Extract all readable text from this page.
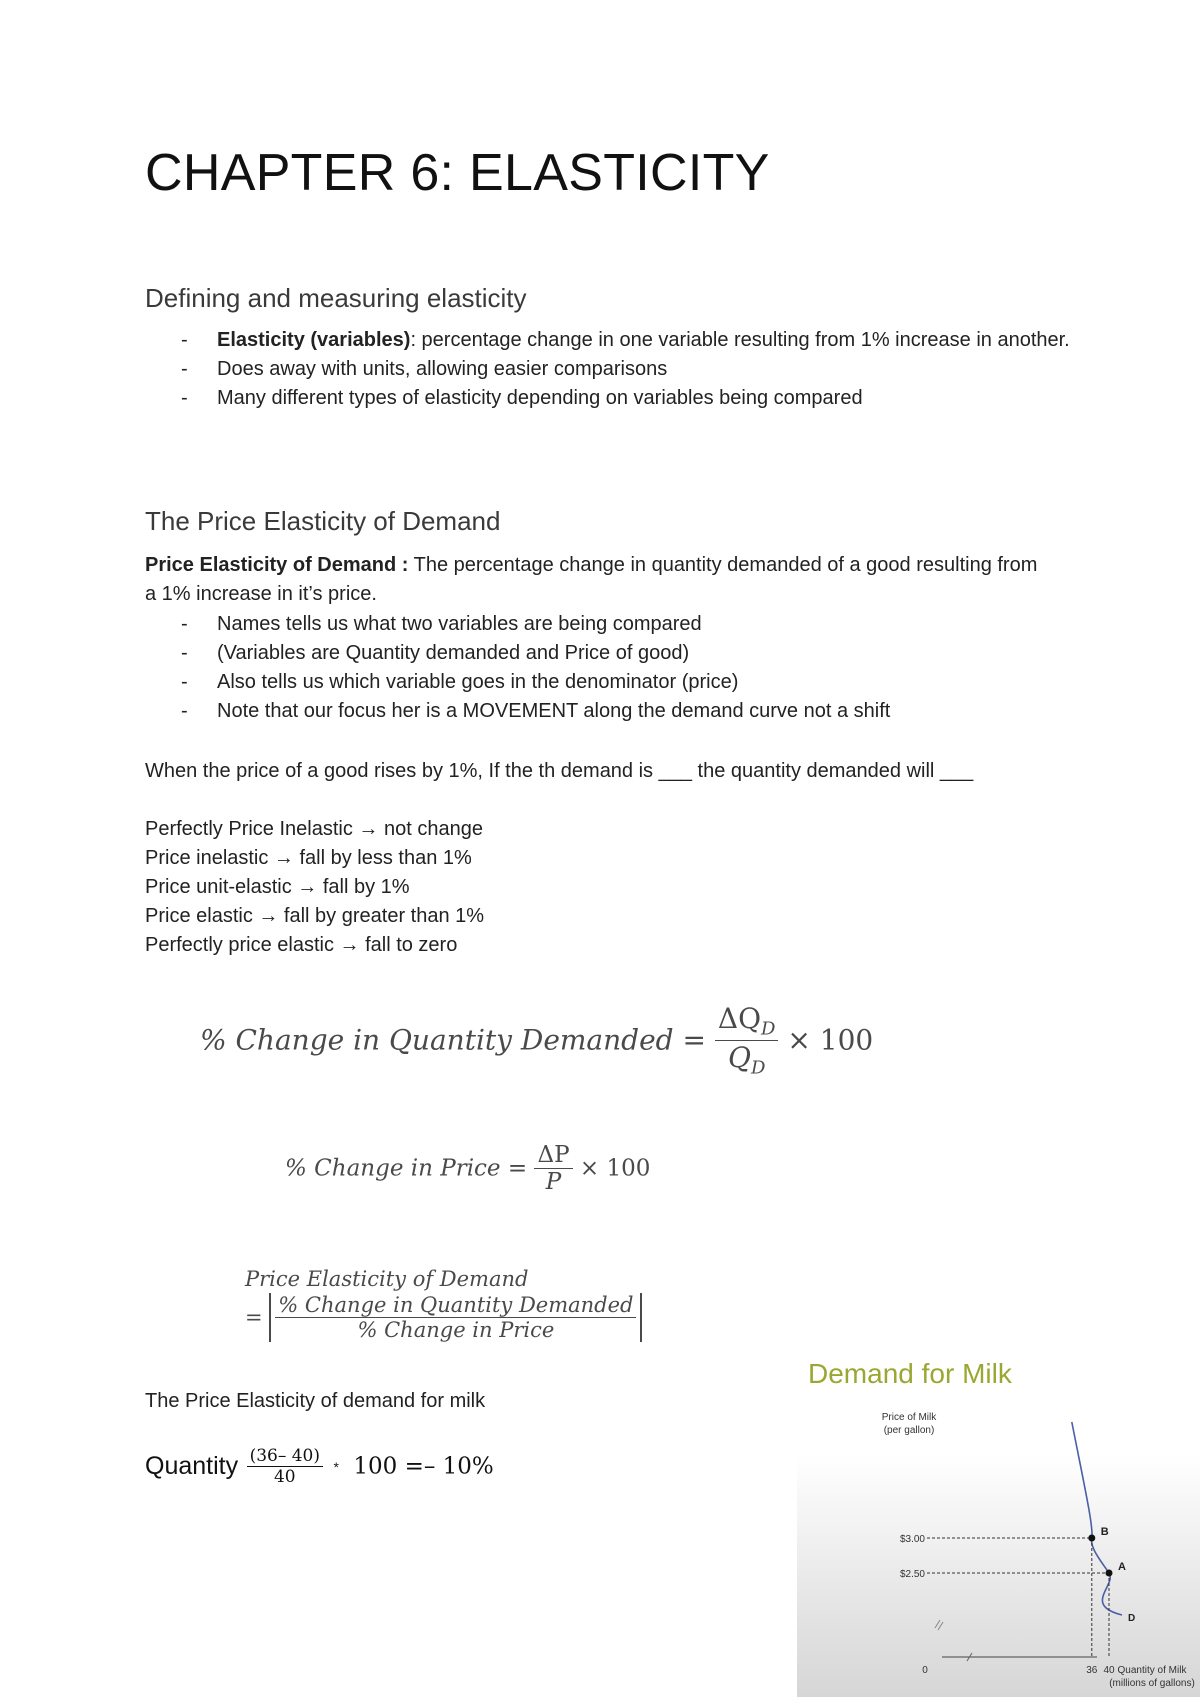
CHAPTER 6: ELASTICITY
Defining and measuring elasticity
- Elasticity (variables): percentage change in one variable resulting from 1% increase in another.
- Does away with units, allowing easier comparisons
- Many different types of elasticity depending on variables being compared
The Price Elasticity of Demand
Price Elasticity of Demand : The percentage change in quantity demanded of a good resulting from a 1% increase in it’s price.
- Names tells us what two variables are being compared
- (Variables are Quantity demanded and Price of good)
- Also tells us which variable goes in the denominator (price)
- Note that our focus her is a MOVEMENT along the demand curve not a shift
When the price of a good rises by 1%, If the th demand is ___ the quantity demanded will ___
Perfectly Price Inelastic → not change
Price inelastic → fall by less than 1%
Price unit-elastic → fall by 1%
Price elastic → fall by greater than 1%
Perfectly price elastic → fall to zero
% Change in Quantity Demanded = $\frac{\Delta Q_D}{Q_D} \times 100$
% Change in Price = $\frac{\Delta P}{P} \times 100$
Price Elasticity of Demand
= $\frac{\text{\% Change in Quantity Demanded}}{\text{\% Change in Price}}$
The Price Elasticity of demand for milk
Quantity $\frac{(36- 40)}{40} * 100 =- 10\%$
Demand for Milk
Price of Milk
(per gallon)
D
B
$3.00
A
$2.50
0	36 40 Quantity of Milk
(millions of gallons)
